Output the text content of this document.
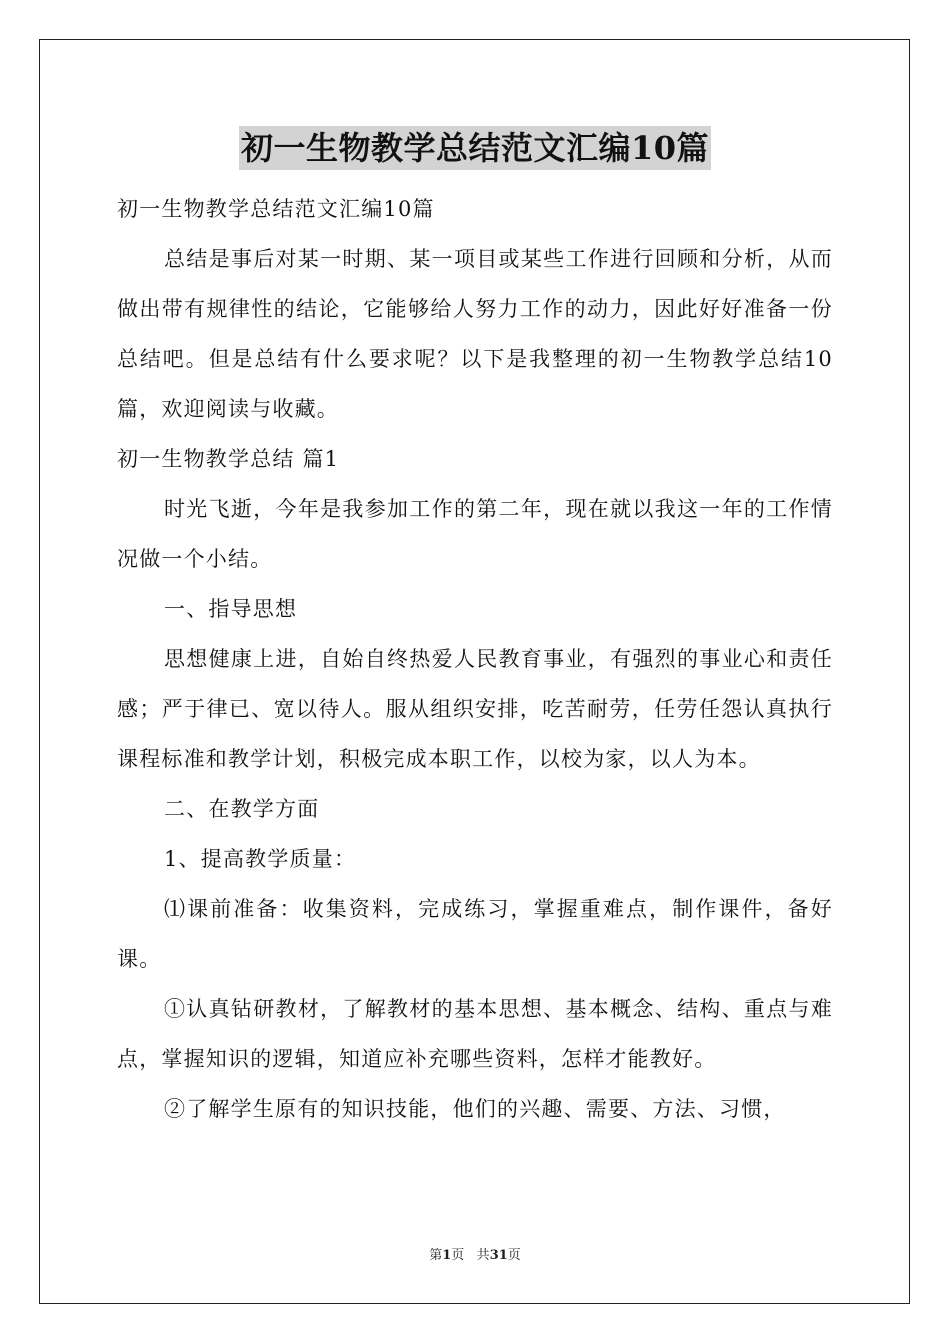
初一生物教学总结范文汇编10篇

初一生物教学总结范文汇编10篇

总结是事后对某一时期、某一项目或某些工作进行回顾和分析，从而做出带有规律性的结论，它能够给人努力工作的动力，因此好好准备一份总结吧。但是总结有什么要求呢？以下是我整理的初一生物教学总结10篇，欢迎阅读与收藏。

初一生物教学总结 篇1

时光飞逝，今年是我参加工作的第二年，现在就以我这一年的工作情况做一个小结。

一、指导思想

思想健康上进，自始自终热爱人民教育事业，有强烈的事业心和责任感；严于律已、宽以待人。服从组织安排，吃苦耐劳，任劳任怨认真执行课程标准和教学计划，积极完成本职工作，以校为家，以人为本。

二、在教学方面

1、提高教学质量：

⑴课前准备：收集资料，完成练习，掌握重难点，制作课件，备好课。

①认真钻研教材，了解教材的基本思想、基本概念、结构、重点与难点，掌握知识的逻辑，知道应补充哪些资料，怎样才能教好。

②了解学生原有的知识技能，他们的兴趣、需要、方法、习惯，

第1页 共31页
